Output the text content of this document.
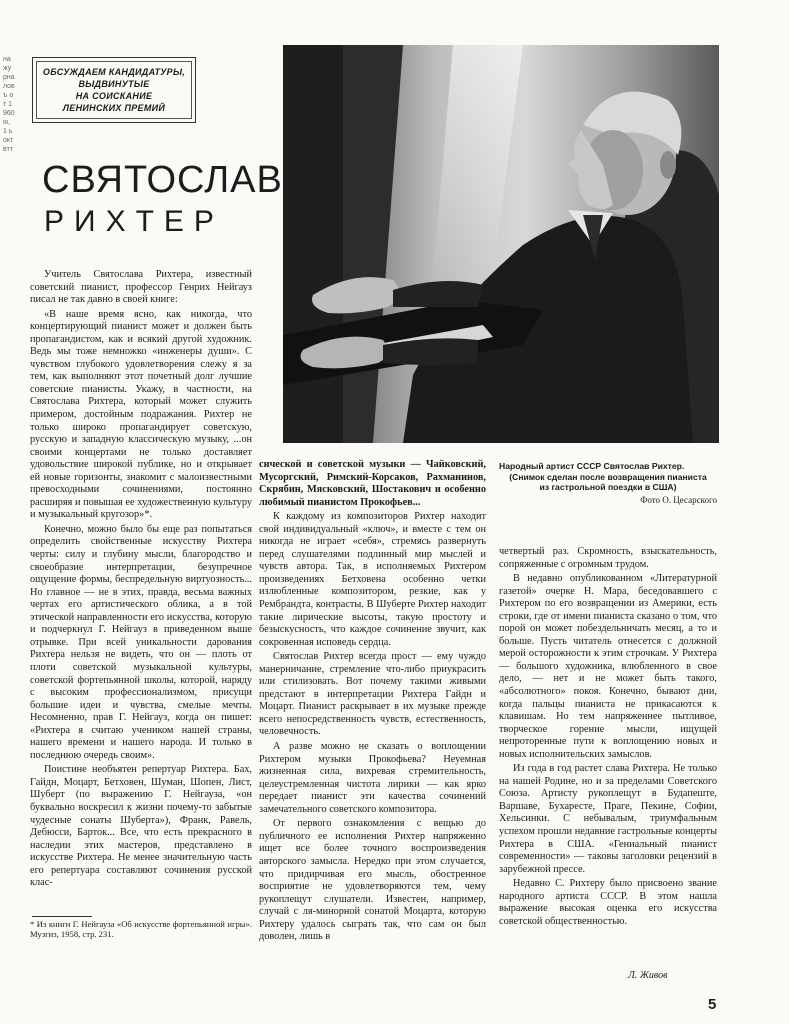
на журналовъ от 1960 ю, 1 ьокт втт
ОБСУЖДАЕМ КАНДИДАТУРЫ,
ВЫДВИНУТЫЕ
НА СОИСКАНИЕ
ЛЕНИНСКИХ ПРЕМИЙ
СВЯТОСЛАВ
РИХТЕР
Народный артист СССР Святослав Рихтер.
(Снимок сделан после возвращения пианиста
из гастрольной поездки в США)
Фото О. Цесарского

Учитель Святослава Рихтера, известный советский пианист, профессор Генрих Нейгауз писал не так давно в своей книге:

«В наше время ясно, как никогда, что концертирующий пианист может и должен быть пропагандистом, как и всякий другой художник. Ведь мы тоже немножко «инженеры души». С чувством глубокого удовлетворения слежу я за тем, как выполняют этот почетный долг лучшие советские пианисты. Укажу, в частности, на Святослава Рихтера, который может служить примером, достойным подражания. Рихтер не только широко пропагандирует советскую, русскую и западную классическую музыку, ...он своими концертами не только доставляет удовольствие широкой публике, но и открывает ей новые горизонты, знакомит с малоизвестными превосходными сочинениями, постоянно расширяя и повышая ее художественную культуру и музыкальный кругозор»*.

Конечно, можно было бы еще раз попытаться определить свойственные искусству Рихтера черты: силу и глубину мысли, благородство и своеобразие интерпретации, безупречное ощущение формы, беспредельную виртуозность... Но главное — не в этих, правда, весьма важных чертах его артистического облика, а в той этической направленности его искусства, которую и подчеркнул Г. Нейгауз в приведенном выше отрывке. При всей уникальности дарования Рихтера нельзя не видеть, что он — плоть от плоти советской музыкальной культуры, советской фортепьянной школы, которой, наряду с высоким профессионализмом, присущи большие идеи и чувства, смелые мечты. Несомненно, прав Г. Нейгауз, когда он пишет: «Рихтера я считаю учеником нашей страны, нашего времени и нашего народа. И только в последнюю очередь своим».

Поистине необъятен репертуар Рихтера. Бах, Гайдн, Моцарт, Бетховен, Шуман, Шопен, Лист, Шуберт (по выражению Г. Нейгауза, «он буквально воскресил к жизни почему-то забытые чудесные сонаты Шуберта»), Франк, Равель, Дебюсси, Барток... Все, что есть прекрасного в наследии этих мастеров, представлено в искусстве Рихтера. Не менее значительную часть его репертуара составляют сочинения русской клас-

* Из книги Г. Нейгауза «Об искусстве фортепьянной игры». Музгиз, 1958, стр. 231.

сической и советской музыки — Чайковский, Мусоргский, Римский-Корсаков, Рахманинов, Скрябин, Мясковский, Шостакович и особенно любимый пианистом Прокофьев...

К каждому из композиторов Рихтер находит свой индивидуальный «ключ», и вместе с тем он никогда не играет «себя», стремясь развернуть перед слушателями подлинный мир мыслей и чувств автора. Так, в исполняемых Рихтером произведениях Бетховена особенно четки излюбленные композитором, резкие, как у Рембрандта, контрасты. В Шуберте Рихтер находит такие лирические высоты, такую простоту и безыскусность, что каждое сочинение звучит, как сокровенная исповедь сердца.

Святослав Рихтер всегда прост — ему чуждо манерничание, стремление что-либо приукрасить или стилизовать. Вот почему такими живыми предстают в интерпретации Рихтера Гайдн и Моцарт. Пианист раскрывает в их музыке прежде всего непосредственность чувств, естественность, человечность.

А разве можно не сказать о воплощении Рихтером музыки Прокофьева? Неуемная жизненная сила, вихревая стремительность, целеустремленная чистота лирики — как ярко передает пианист эти качества сочинений замечательного советского композитора.

От первого ознакомления с вещью до публичного ее исполнения Рихтер напряженно ищет все более точного воспроизведения авторского замысла. Нередко при этом случается, что придирчивая его мысль, обостренное восприятие не удовлетворяются тем, чему рукоплещут слушатели. Известен, например, случай с ля-минорной сонатой Моцарта, которую Рихтеру удалось сыграть так, что сам он был доволен, лишь в

четвертый раз. Скромность, взыскательность, сопряженные с огромным трудом.

В недавно опубликованном «Литературной газетой» очерке Н. Мара, беседовавшего с Рихтером по его возвращении из Америки, есть строки, где от имени пианиста сказано о том, что порой он может побездельничать месяц, а то и больше. Пусть читатель отнесется с должной мерой осторожности к этим строчкам. У Рихтера — большого художника, влюбленного в свое дело, — нет и не может быть такого, «абсолютного» покоя. Конечно, бывают дни, когда пальцы пианиста не прикасаются к клавишам. Но тем напряженнее пытливое, творческое горение мысли, ищущей непроторенные пути к воплощению новых и новых исполнительских замыслов.

Из года в год растет слава Рихтера. Не только на нашей Родине, но и за пределами Советского Союза. Артисту рукоплещут в Будапеште, Варшаве, Бухаресте, Праге, Пекине, Софии, Хельсинки. С небывалым, триумфальным успехом прошли недавние гастрольные концерты Рихтера в США. «Гениальный пианист современности» — таковы заголовки рецензий в зарубежной прессе.

Недавно С. Рихтеру было присвоено звание народного артиста СССР. В этом нашла выражение высокая оценка его искусства советской общественностью.

Л. Живов
5
